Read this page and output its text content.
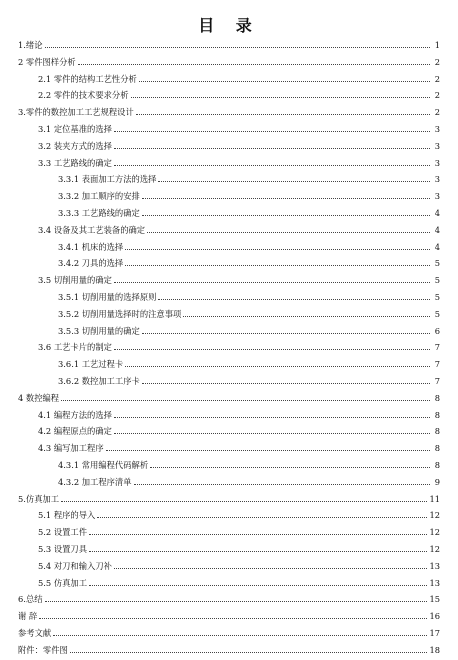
目 录
1.绪论	1
2 零件图样分析	2
2.1 零件的结构工艺性分析	2
2.2 零件的技术要求分析	2
3.零件的数控加工工艺规程设计	2
3.1 定位基准的选择	3
3.2 装夹方式的选择	3
3.3 工艺路线的确定	3
3.3.1 表面加工方法的选择	3
3.3.2 加工顺序的安排	3
3.3.3 工艺路线的确定	4
3.4 设备及其工艺装备的确定	4
3.4.1 机床的选择	4
3.4.2 刀具的选择	5
3.5 切削用量的确定	5
3.5.1 切削用量的选择原则	5
3.5.2 切削用量选择时的注意事项	5
3.5.3 切削用量的确定	6
3.6 工艺卡片的制定	7
3.6.1 工艺过程卡	7
3.6.2 数控加工工序卡	7
4 数控编程	8
4.1 编程方法的选择	8
4.2 编程原点的确定	8
4.3 编写加工程序	8
4.3.1 常用编程代码解析	8
4.3.2 加工程序清单	9
5.仿真加工	11
5.1 程序的导入	12
5.2 设置工件	12
5.3 设置刀具	12
5.4 对刀和输入刀补	13
5.5 仿真加工	13
6.总结	15
谢 辞	16
参考文献	17
附件：零件图	18
